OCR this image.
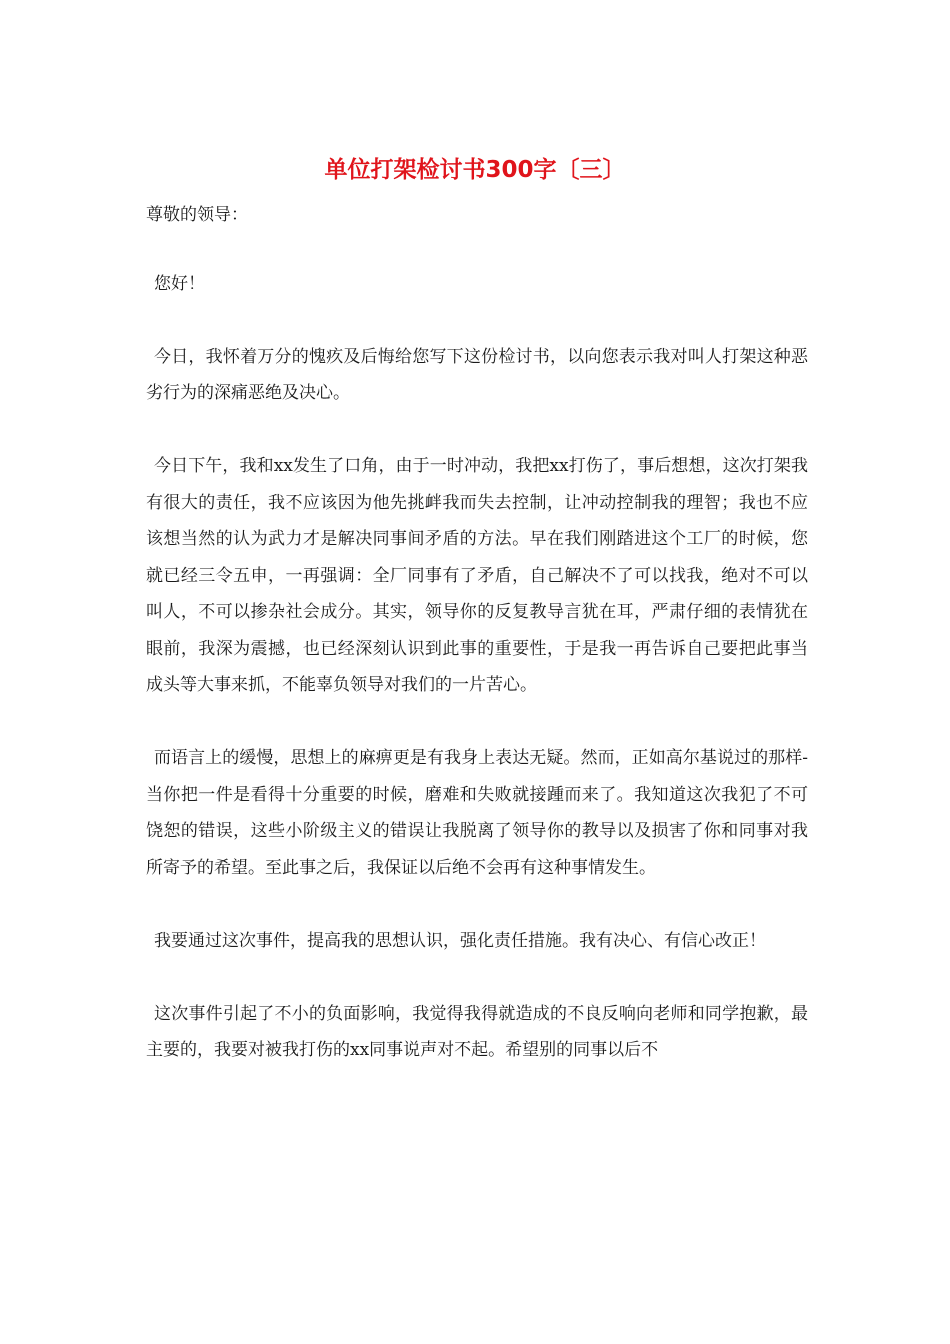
单位打架检讨书300字〔三〕

尊敬的领导：

您好！

今日，我怀着万分的愧疚及后悔给您写下这份检讨书，以向您表示我对叫人打架这种恶劣行为的深痛恶绝及决心。

今日下午，我和xx发生了口角，由于一时冲动，我把xx打伤了，事后想想，这次打架我有很大的责任，我不应该因为他先挑衅我而失去控制，让冲动控制我的理智；我也不应该想当然的认为武力才是解决同事间矛盾的方法。早在我们刚踏进这个工厂的时候，您就已经三令五申，一再强调：全厂同事有了矛盾，自己解决不了可以找我，绝对不可以叫人，不可以掺杂社会成分。其实，领导你的反复教导言犹在耳，严肃仔细的表情犹在眼前，我深为震撼，也已经深刻认识到此事的重要性，于是我一再告诉自己要把此事当成头等大事来抓，不能辜负领导对我们的一片苦心。

而语言上的缓慢，思想上的麻痹更是有我身上表达无疑。然而，正如高尔基说过的那样- 当你把一件是看得十分重要的时候，磨难和失败就接踵而来了。我知道这次我犯了不可饶恕的错误，这些小阶级主义的错误让我脱离了领导你的教导以及损害了你和同事对我所寄予的希望。至此事之后，我保证以后绝不会再有这种事情发生。

我要通过这次事件，提高我的思想认识，强化责任措施。我有决心、有信心改正！

这次事件引起了不小的负面影响，我觉得我得就造成的不良反响向老师和同学抱歉，最主要的，我要对被我打伤的xx同事说声对不起。希望别的同事以后不
